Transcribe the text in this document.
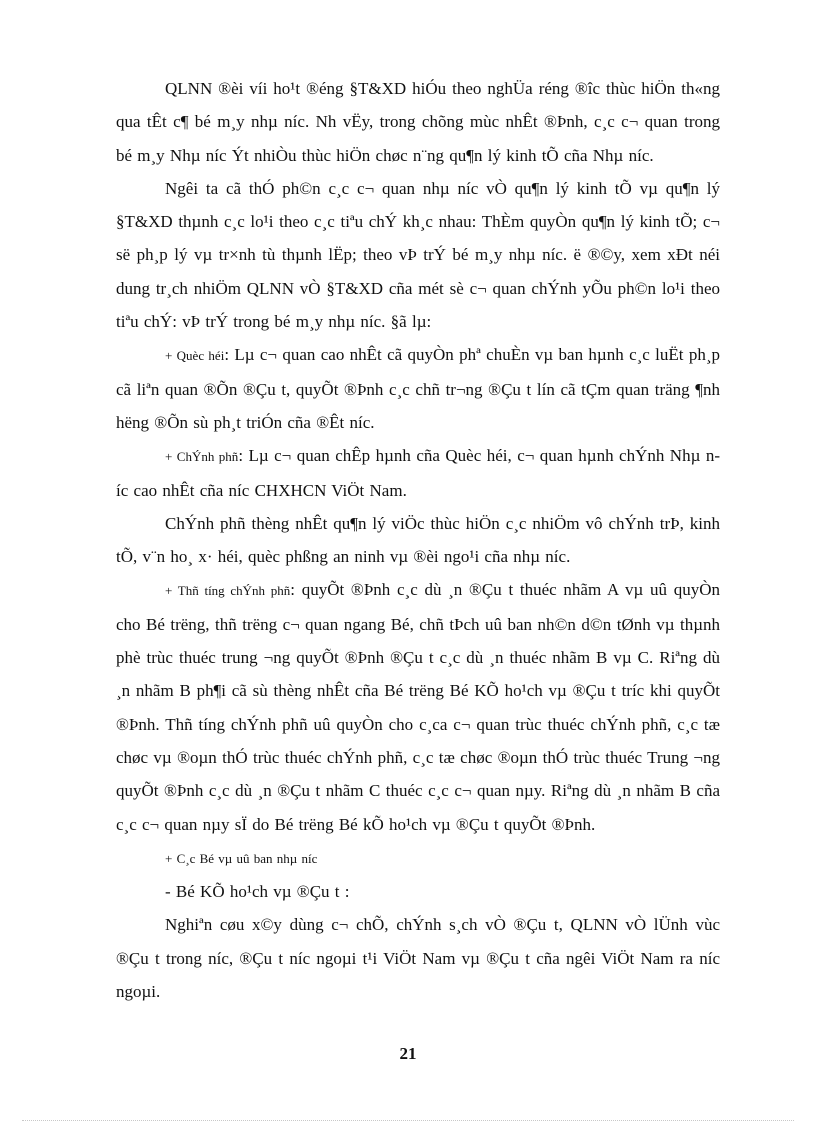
QLNN ®èi víi ho¹t ®éng §T&XD hiÓu theo nghÜa réng ®îc thùc hiÖn th«ng qua tÊt c¶ bé m¸y nhµ níc. Nh vËy, trong chõng mùc nhÊt ®Þnh, c¸c c¬ quan trong bé m¸y Nhµ níc Ýt nhiÒu thùc hiÖn chøc n¨ng qu¶n lý kinh tÕ cña Nhµ níc.

Ngêi ta cã thÓ ph©n c¸c c¬ quan nhµ níc vÒ qu¶n lý kinh tÕ vµ qu¶n lý §T&XD thµnh c¸c lo¹i theo c¸c tiªu chÝ kh¸c nhau: ThÈm quyÒn qu¶n lý kinh tÕ; c¬ së ph¸p lý vµ tr×nh tù thµnh lËp; theo vÞ trÝ bé m¸y nhµ níc. ë ®©y, xem xÐt néi dung tr¸ch nhiÖm QLNN vÒ §T&XD cña mét sè c¬ quan chÝnh yÕu ph©n lo¹i theo tiªu chÝ: vÞ trÝ trong bé m¸y nhµ níc. §ã lµ:

+ Quèc héi: Lµ c¬ quan cao nhÊt cã quyÒn phª chuÈn vµ ban hµnh c¸c luËt ph¸p cã liªn quan ®Õn ®Çu t, quyÕt ®Þnh c¸c chñ tr¬ng ®Çu t lín cã tÇm quan träng ¶nh hëng ®Õn sù ph¸t triÓn cña ®Êt níc.

+ ChÝnh phñ: Lµ c¬ quan chÊp hµnh cña Quèc héi, c¬ quan hµnh chÝnh Nhµ níc cao nhÊt cña níc CHXHCN ViÖt Nam.

ChÝnh phñ thèng nhÊt qu¶n lý viÖc thùc hiÖn c¸c nhiÖm vô chÝnh trÞ, kinh tÕ, v¨n ho¸ x· héi, quèc phßng an ninh vµ ®èi ngo¹i cña nhµ níc.

+ Thñ tíng chÝnh phñ: quyÕt ®Þnh c¸c dù ¸n ®Çu t thuéc nhãm A vµ uû quyÒn cho Bé trëng, thñ trëng c¬ quan ngang Bé, chñ tÞch uû ban nh©n d©n tØnh vµ thµnh phè trùc thuéc trung ¬ng quyÕt ®Þnh ®Çu t c¸c dù ¸n thuéc nhãm B vµ C. Riªng dù ¸n nhãm B ph¶i cã sù thèng nhÊt cña Bé trëng Bé KÕ ho¹ch vµ ®Çu t tríc khi quyÕt ®Þnh. Thñ tíng chÝnh phñ uû quyÒn cho c¸ca c¬ quan trùc thuéc chÝnh phñ, c¸c tæ chøc vµ ®oµn thÓ trùc thuéc chÝnh phñ, c¸c tæ chøc ®oµn thÓ trùc thuéc Trung ¬ng quyÕt ®Þnh c¸c dù ¸n ®Çu t nhãm C thuéc c¸c c¬ quan nµy. Riªng dù ¸n nhãm B cña c¸c c¬ quan nµy sÏ do Bé trëng Bé kÕ ho¹ch vµ ®Çu t quyÕt ®Þnh.

+ C¸c Bé vµ uû ban nhµ níc

- Bé KÕ ho¹ch vµ ®Çu t :

Nghiªn cøu x©y dùng c¬ chÕ, chÝnh s¸ch vÒ ®Çu t, QLNN vÒ lÜnh vùc ®Çu t trong níc, ®Çu t níc ngoµi t¹i ViÖt Nam vµ ®Çu t cña ngêi ViÖt Nam ra níc ngoµi.

21
